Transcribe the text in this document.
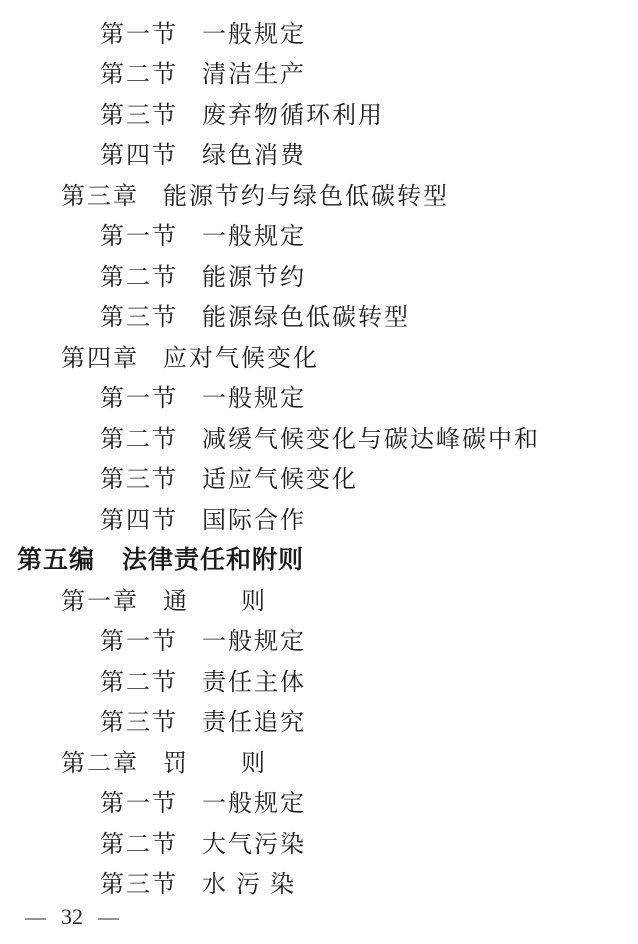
第一节 一般规定
第二节 清洁生产
第三节 废弃物循环利用
第四节 绿色消费
第三章 能源节约与绿色低碳转型
第一节 一般规定
第二节 能源节约
第三节 能源绿色低碳转型
第四章 应对气候变化
第一节 一般规定
第二节 减缓气候变化与碳达峰碳中和
第三节 适应气候变化
第四节 国际合作
第五编 法律责任和附则
第一章 通　　则
第一节 一般规定
第二节 责任主体
第三节 责任追究
第二章 罚　　则
第一节 一般规定
第二节 大气污染
第三节 水 污 染
— 32 —
